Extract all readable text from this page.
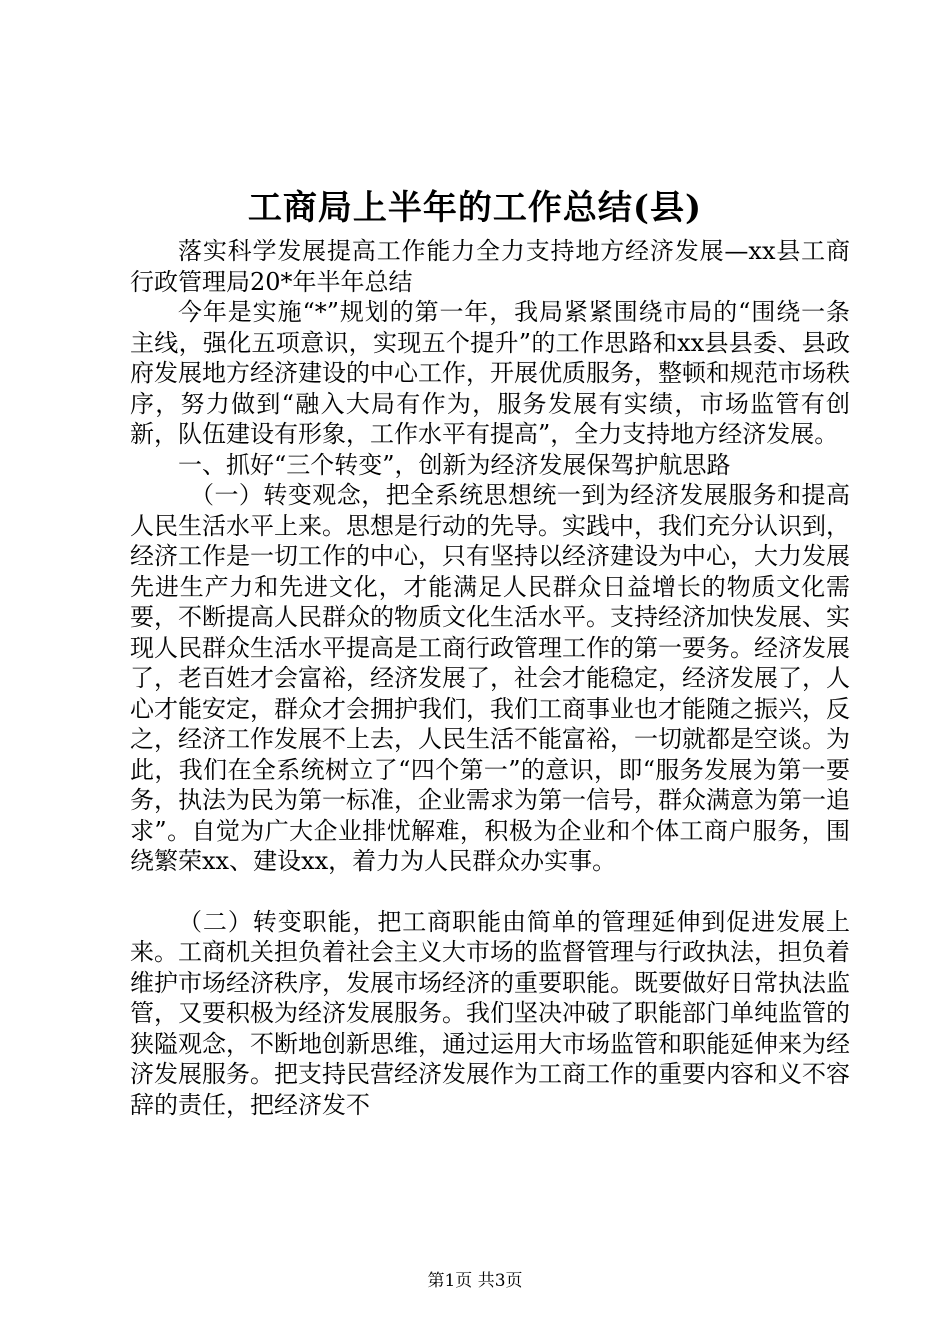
工商局上半年的工作总结(县)

落实科学发展提高工作能力全力支持地方经济发展—xx县工商行政管理局20*年半年总结

今年是实施“*”规划的第一年，我局紧紧围绕市局的“围绕一条主线，强化五项意识，实现五个提升”的工作思路和xx县县委、县政府发展地方经济建设的中心工作，开展优质服务，整顿和规范市场秩序，努力做到“融入大局有作为，服务发展有实绩，市场监管有创新，队伍建设有形象，工作水平有提高”，全力支持地方经济发展。

一、抓好“三个转变”，创新为经济发展保驾护航思路

（一）转变观念，把全系统思想统一到为经济发展服务和提高人民生活水平上来。思想是行动的先导。实践中，我们充分认识到，经济工作是一切工作的中心，只有坚持以经济建设为中心，大力发展先进生产力和先进文化，才能满足人民群众日益增长的物质文化需要，不断提高人民群众的物质文化生活水平。支持经济加快发展、实现人民群众生活水平提高是工商行政管理工作的第一要务。经济发展了，老百姓才会富裕，经济发展了，社会才能稳定，经济发展了，人心才能安定，群众才会拥护我们，我们工商事业也才能随之振兴，反之，经济工作发展不上去，人民生活不能富裕，一切就都是空谈。为此，我们在全系统树立了“四个第一”的意识，即“服务发展为第一要务，执法为民为第一标准，企业需求为第一信号，群众满意为第一追求”。自觉为广大企业排忧解难，积极为企业和个体工商户服务，围绕繁荣xx、建设xx，着力为人民群众办实事。

（二）转变职能，把工商职能由简单的管理延伸到促进发展上来。工商机关担负着社会主义大市场的监督管理与行政执法，担负着维护市场经济秩序，发展市场经济的重要职能。既要做好日常执法监管，又要积极为经济发展服务。我们坚决冲破了职能部门单纯监管的狭隘观念，不断地创新思维，通过运用大市场监管和职能延伸来为经济发展服务。把支持民营经济发展作为工商工作的重要内容和义不容辞的责任，把经济发不

第1页 共3页
